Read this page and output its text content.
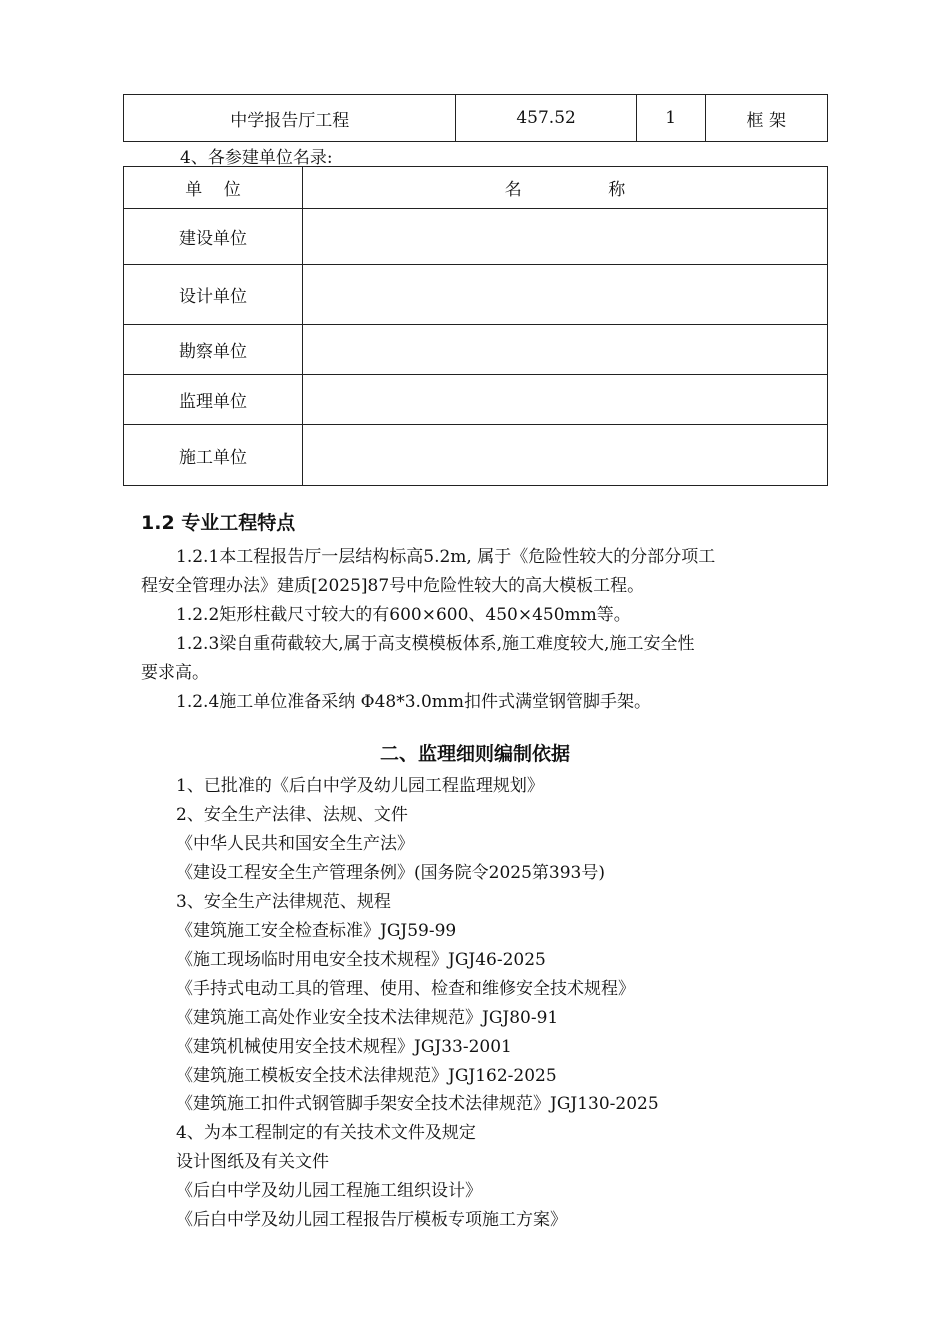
中学报告厅工程	457.52	1	框 架
4、各参建单位名录:
单    位	名                称
建设单位	
设计单位	
勘察单位	
监理单位	
施工单位	
1.2 专业工程特点
1.2.1本工程报告厅一层结构标高5.2m, 属于《危险性较大的分部分项工
程安全管理办法》建质[2025]87号中危险性较大的高大模板工程。
1.2.2矩形柱截尺寸较大的有600×600、450×450mm等。
1.2.3梁自重荷截较大,属于高支模模板体系,施工难度较大,施工安全性
要求高。
1.2.4施工单位准备采纳 Φ48*3.0mm扣件式满堂钢管脚手架。
二、监理细则编制依据
1、已批准的《后白中学及幼儿园工程监理规划》
2、安全生产法律、法规、文件
《中华人民共和国安全生产法》
《建设工程安全生产管理条例》(国务院令2025第393号)
3、安全生产法律规范、规程
《建筑施工安全检查标准》JGJ59-99
《施工现场临时用电安全技术规程》JGJ46-2025
《手持式电动工具的管理、使用、检查和维修安全技术规程》
《建筑施工高处作业安全技术法律规范》JGJ80-91
《建筑机械使用安全技术规程》JGJ33-2001
《建筑施工模板安全技术法律规范》JGJ162-2025
《建筑施工扣件式钢管脚手架安全技术法律规范》JGJ130-2025
4、为本工程制定的有关技术文件及规定
设计图纸及有关文件
《后白中学及幼儿园工程施工组织设计》
《后白中学及幼儿园工程报告厅模板专项施工方案》
